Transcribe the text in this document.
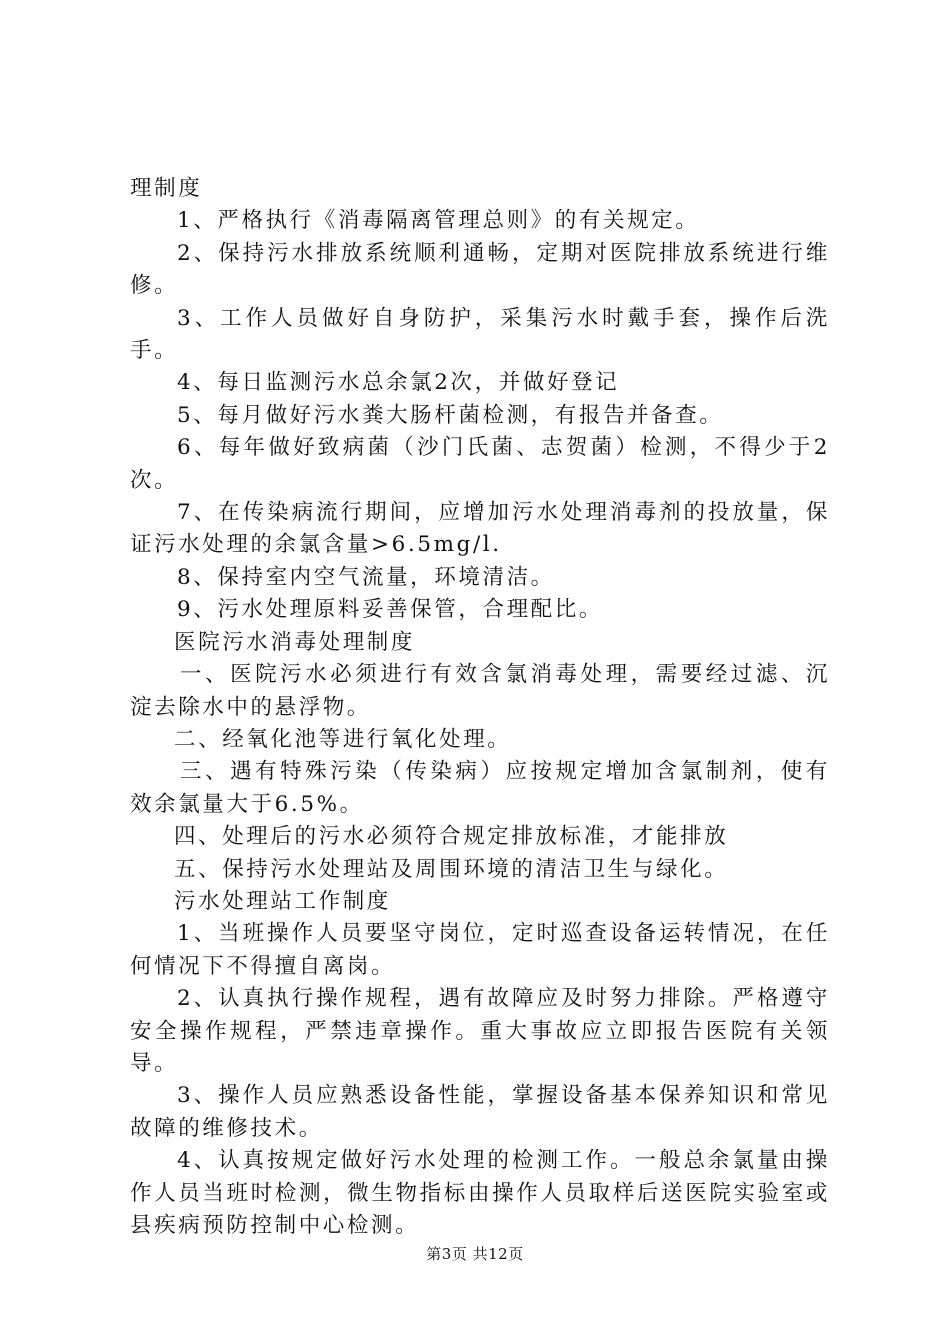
理制度

1、严格执行《消毒隔离管理总则》的有关规定。

2、保持污水排放系统顺利通畅，定期对医院排放系统进行维修。

3、工作人员做好自身防护，采集污水时戴手套，操作后洗手。

4、每日监测污水总余氯2次，并做好登记

5、每月做好污水粪大肠杆菌检测，有报告并备查。

6、每年做好致病菌（沙门氏菌、志贺菌）检测，不得少于2次。

7、在传染病流行期间，应增加污水处理消毒剂的投放量，保证污水处理的余氯含量>6.5mg/l.

8、保持室内空气流量，环境清洁。

9、污水处理原料妥善保管，合理配比。

医院污水消毒处理制度

一、医院污水必须进行有效含氯消毒处理，需要经过滤、沉淀去除水中的悬浮物。

二、经氧化池等进行氧化处理。

三、遇有特殊污染（传染病）应按规定增加含氯制剂，使有效余氯量大于6.5%。

四、处理后的污水必须符合规定排放标准，才能排放

五、保持污水处理站及周围环境的清洁卫生与绿化。

污水处理站工作制度

1、当班操作人员要坚守岗位，定时巡查设备运转情况，在任何情况下不得擅自离岗。

2、认真执行操作规程，遇有故障应及时努力排除。严格遵守安全操作规程，严禁违章操作。重大事故应立即报告医院有关领导。

3、操作人员应熟悉设备性能，掌握设备基本保养知识和常见故障的维修技术。

4、认真按规定做好污水处理的检测工作。一般总余氯量由操作人员当班时检测，微生物指标由操作人员取样后送医院实验室或县疾病预防控制中心检测。

第3页 共12页
